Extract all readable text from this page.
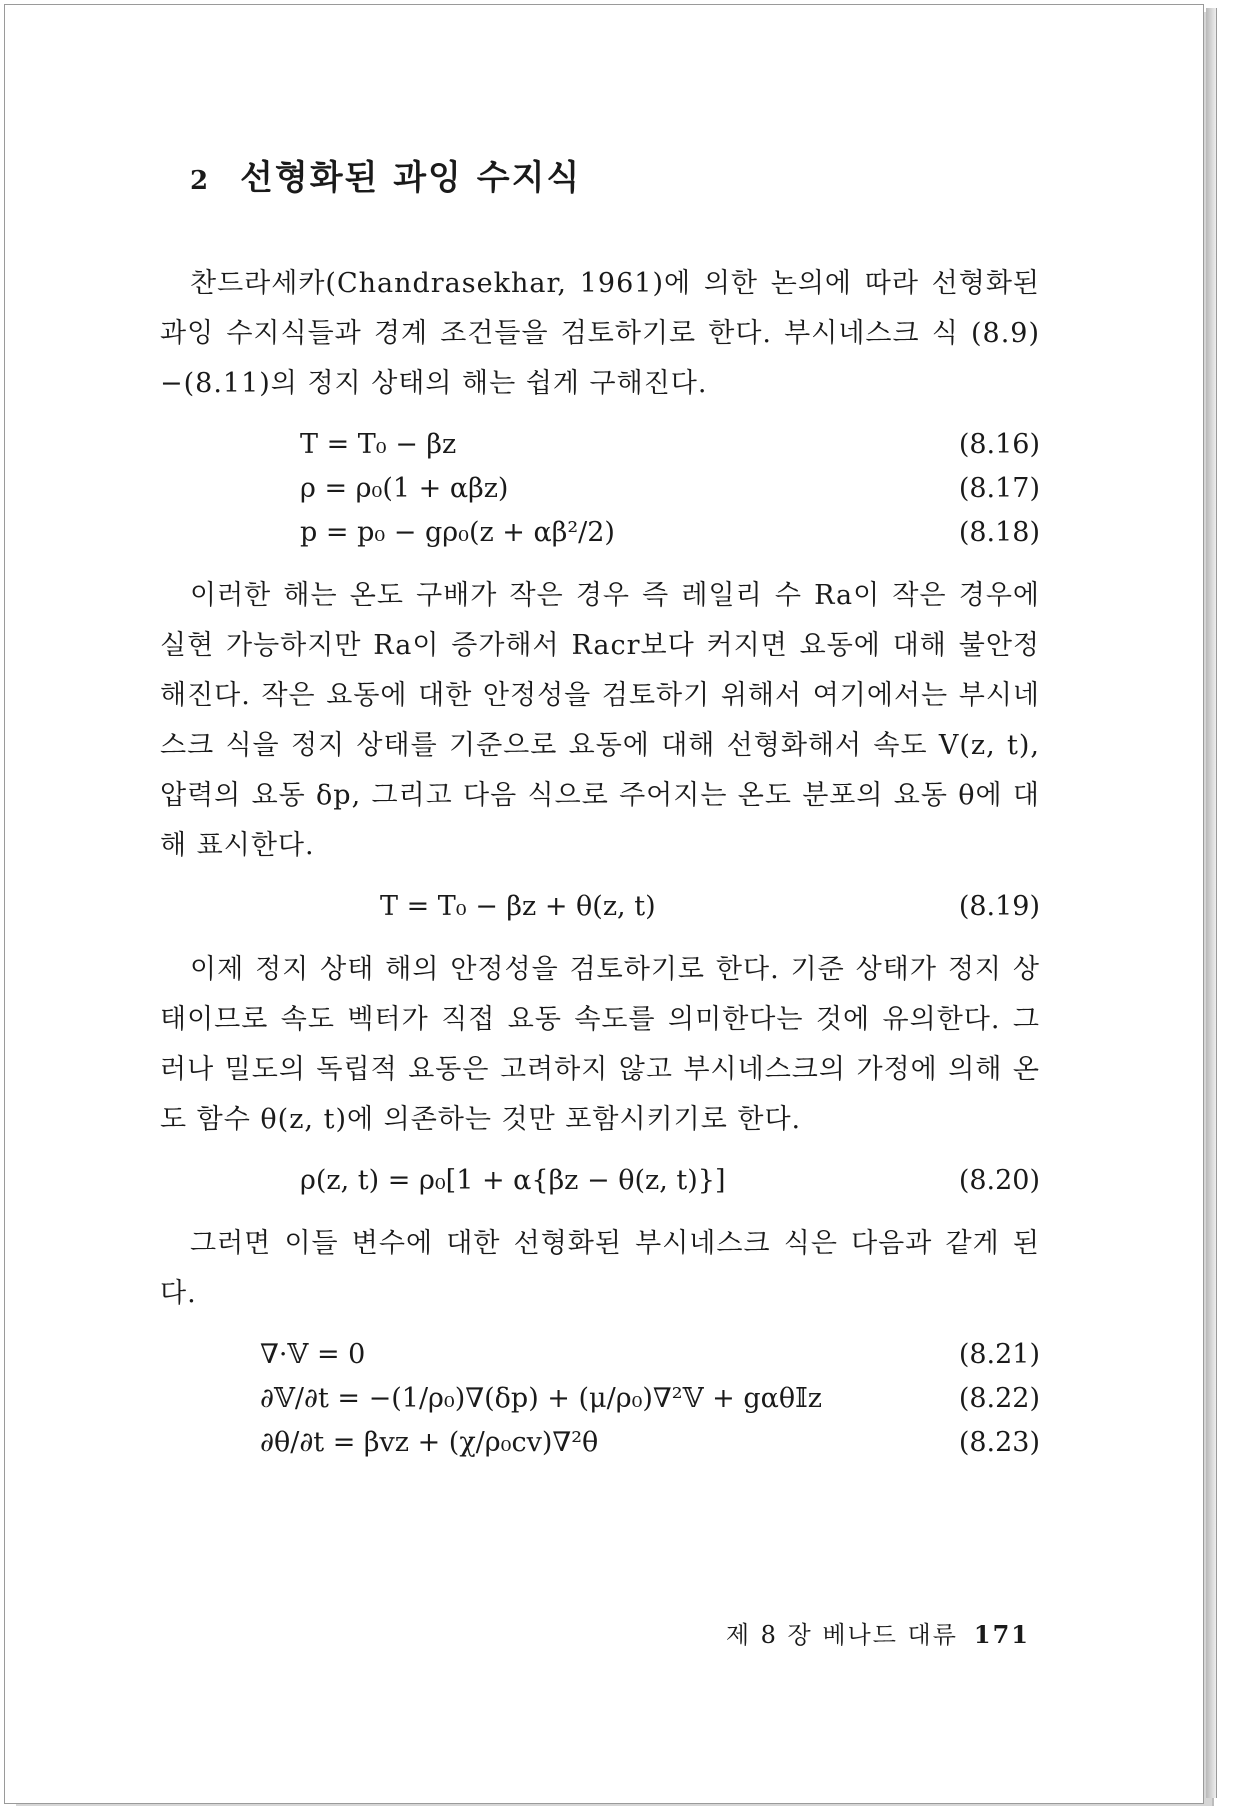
2 선형화된 과잉 수지식

찬드라세카(Chandrasekhar, 1961)에 의한 논의에 따라 선형화된 과잉 수지식들과 경계 조건들을 검토하기로 한다. 부시네스크 식 (8.9) −(8.11)의 정지 상태의 해는 쉽게 구해진다.

T = T₀ − βz	(8.16)
ρ = ρ₀(1 + αβz)	(8.17)
p = p₀ − gρ₀(z + αβ²/2)	(8.18)

이러한 해는 온도 구배가 작은 경우 즉 레일리 수 Ra이 작은 경우에 실현 가능하지만 Ra이 증가해서 Racr보다 커지면 요동에 대해 불안정해진다. 작은 요동에 대한 안정성을 검토하기 위해서 여기에서는 부시네스크 식을 정지 상태를 기준으로 요동에 대해 선형화해서 속도 V(z, t), 압력의 요동 δp, 그리고 다음 식으로 주어지는 온도 분포의 요동 θ에 대해 표시한다.

T = T₀ − βz + θ(z, t)	(8.19)

이제 정지 상태 해의 안정성을 검토하기로 한다. 기준 상태가 정지 상태이므로 속도 벡터가 직접 요동 속도를 의미한다는 것에 유의한다. 그러나 밀도의 독립적 요동은 고려하지 않고 부시네스크의 가정에 의해 온도 함수 θ(z, t)에 의존하는 것만 포함시키기로 한다.

ρ(z, t) = ρ₀[1 + α{βz − θ(z, t)}]	(8.20)

그러면 이들 변수에 대한 선형화된 부시네스크 식은 다음과 같게 된다.

∇·𝕍 = 0	(8.21)
∂𝕍/∂t = −(1/ρ₀)∇(δp) + (μ/ρ₀)∇²𝕍 + gαθ𝕀z	(8.22)
∂θ/∂t = βvz + (χ/ρ₀cv)∇²θ	(8.23)
제 8 장 베나드 대류 171
